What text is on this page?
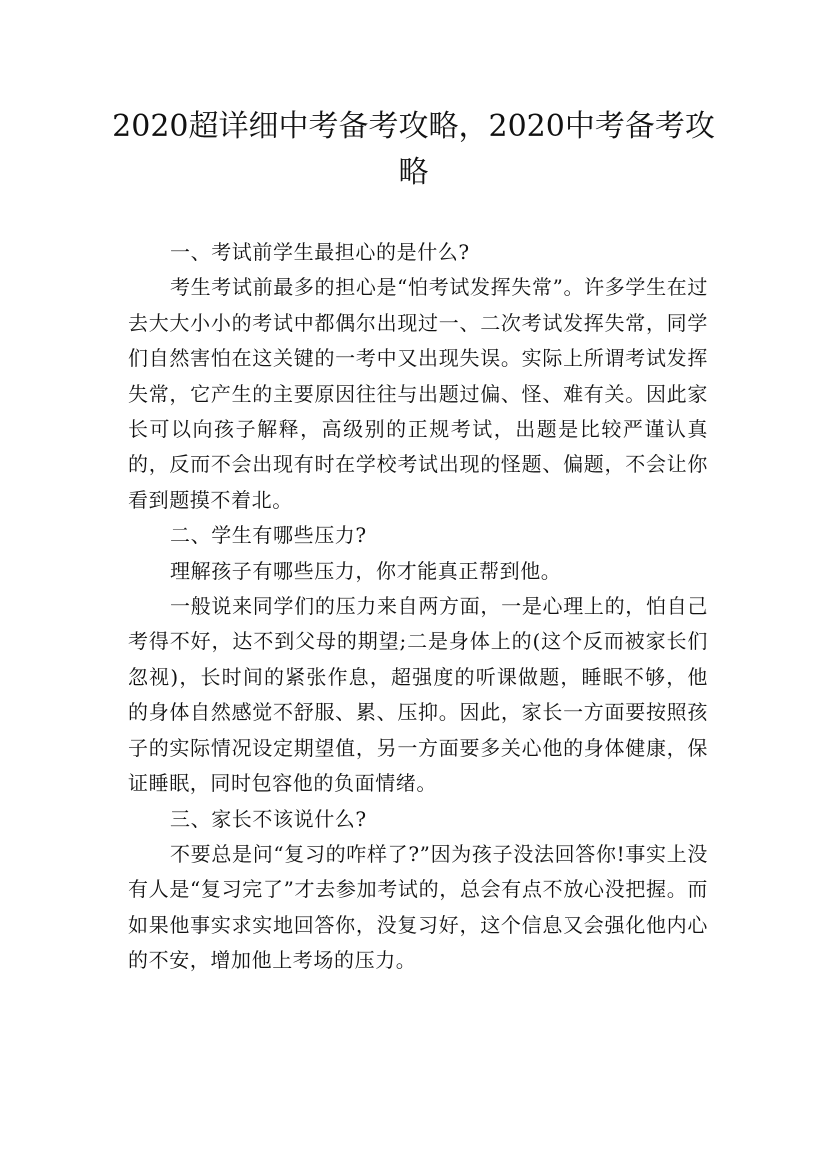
2020超详细中考备考攻略，2020中考备考攻略

一、考试前学生最担心的是什么?

考生考试前最多的担心是“怕考试发挥失常”。许多学生在过去大大小小的考试中都偶尔出现过一、二次考试发挥失常，同学们自然害怕在这关键的一考中又出现失误。实际上所谓考试发挥失常，它产生的主要原因往往与出题过偏、怪、难有关。因此家长可以向孩子解释，高级别的正规考试，出题是比较严谨认真的，反而不会出现有时在学校考试出现的怪题、偏题，不会让你看到题摸不着北。

二、学生有哪些压力?

理解孩子有哪些压力，你才能真正帮到他。

一般说来同学们的压力来自两方面，一是心理上的，怕自己考得不好，达不到父母的期望;二是身体上的(这个反而被家长们忽视)，长时间的紧张作息，超强度的听课做题，睡眠不够，他的身体自然感觉不舒服、累、压抑。因此，家长一方面要按照孩子的实际情况设定期望值，另一方面要多关心他的身体健康，保证睡眠，同时包容他的负面情绪。

三、家长不该说什么?

不要总是问“复习的咋样了?”因为孩子没法回答你!事实上没有人是“复习完了”才去参加考试的，总会有点不放心没把握。而如果他事实求实地回答你，没复习好，这个信息又会强化他内心的不安，增加他上考场的压力。
